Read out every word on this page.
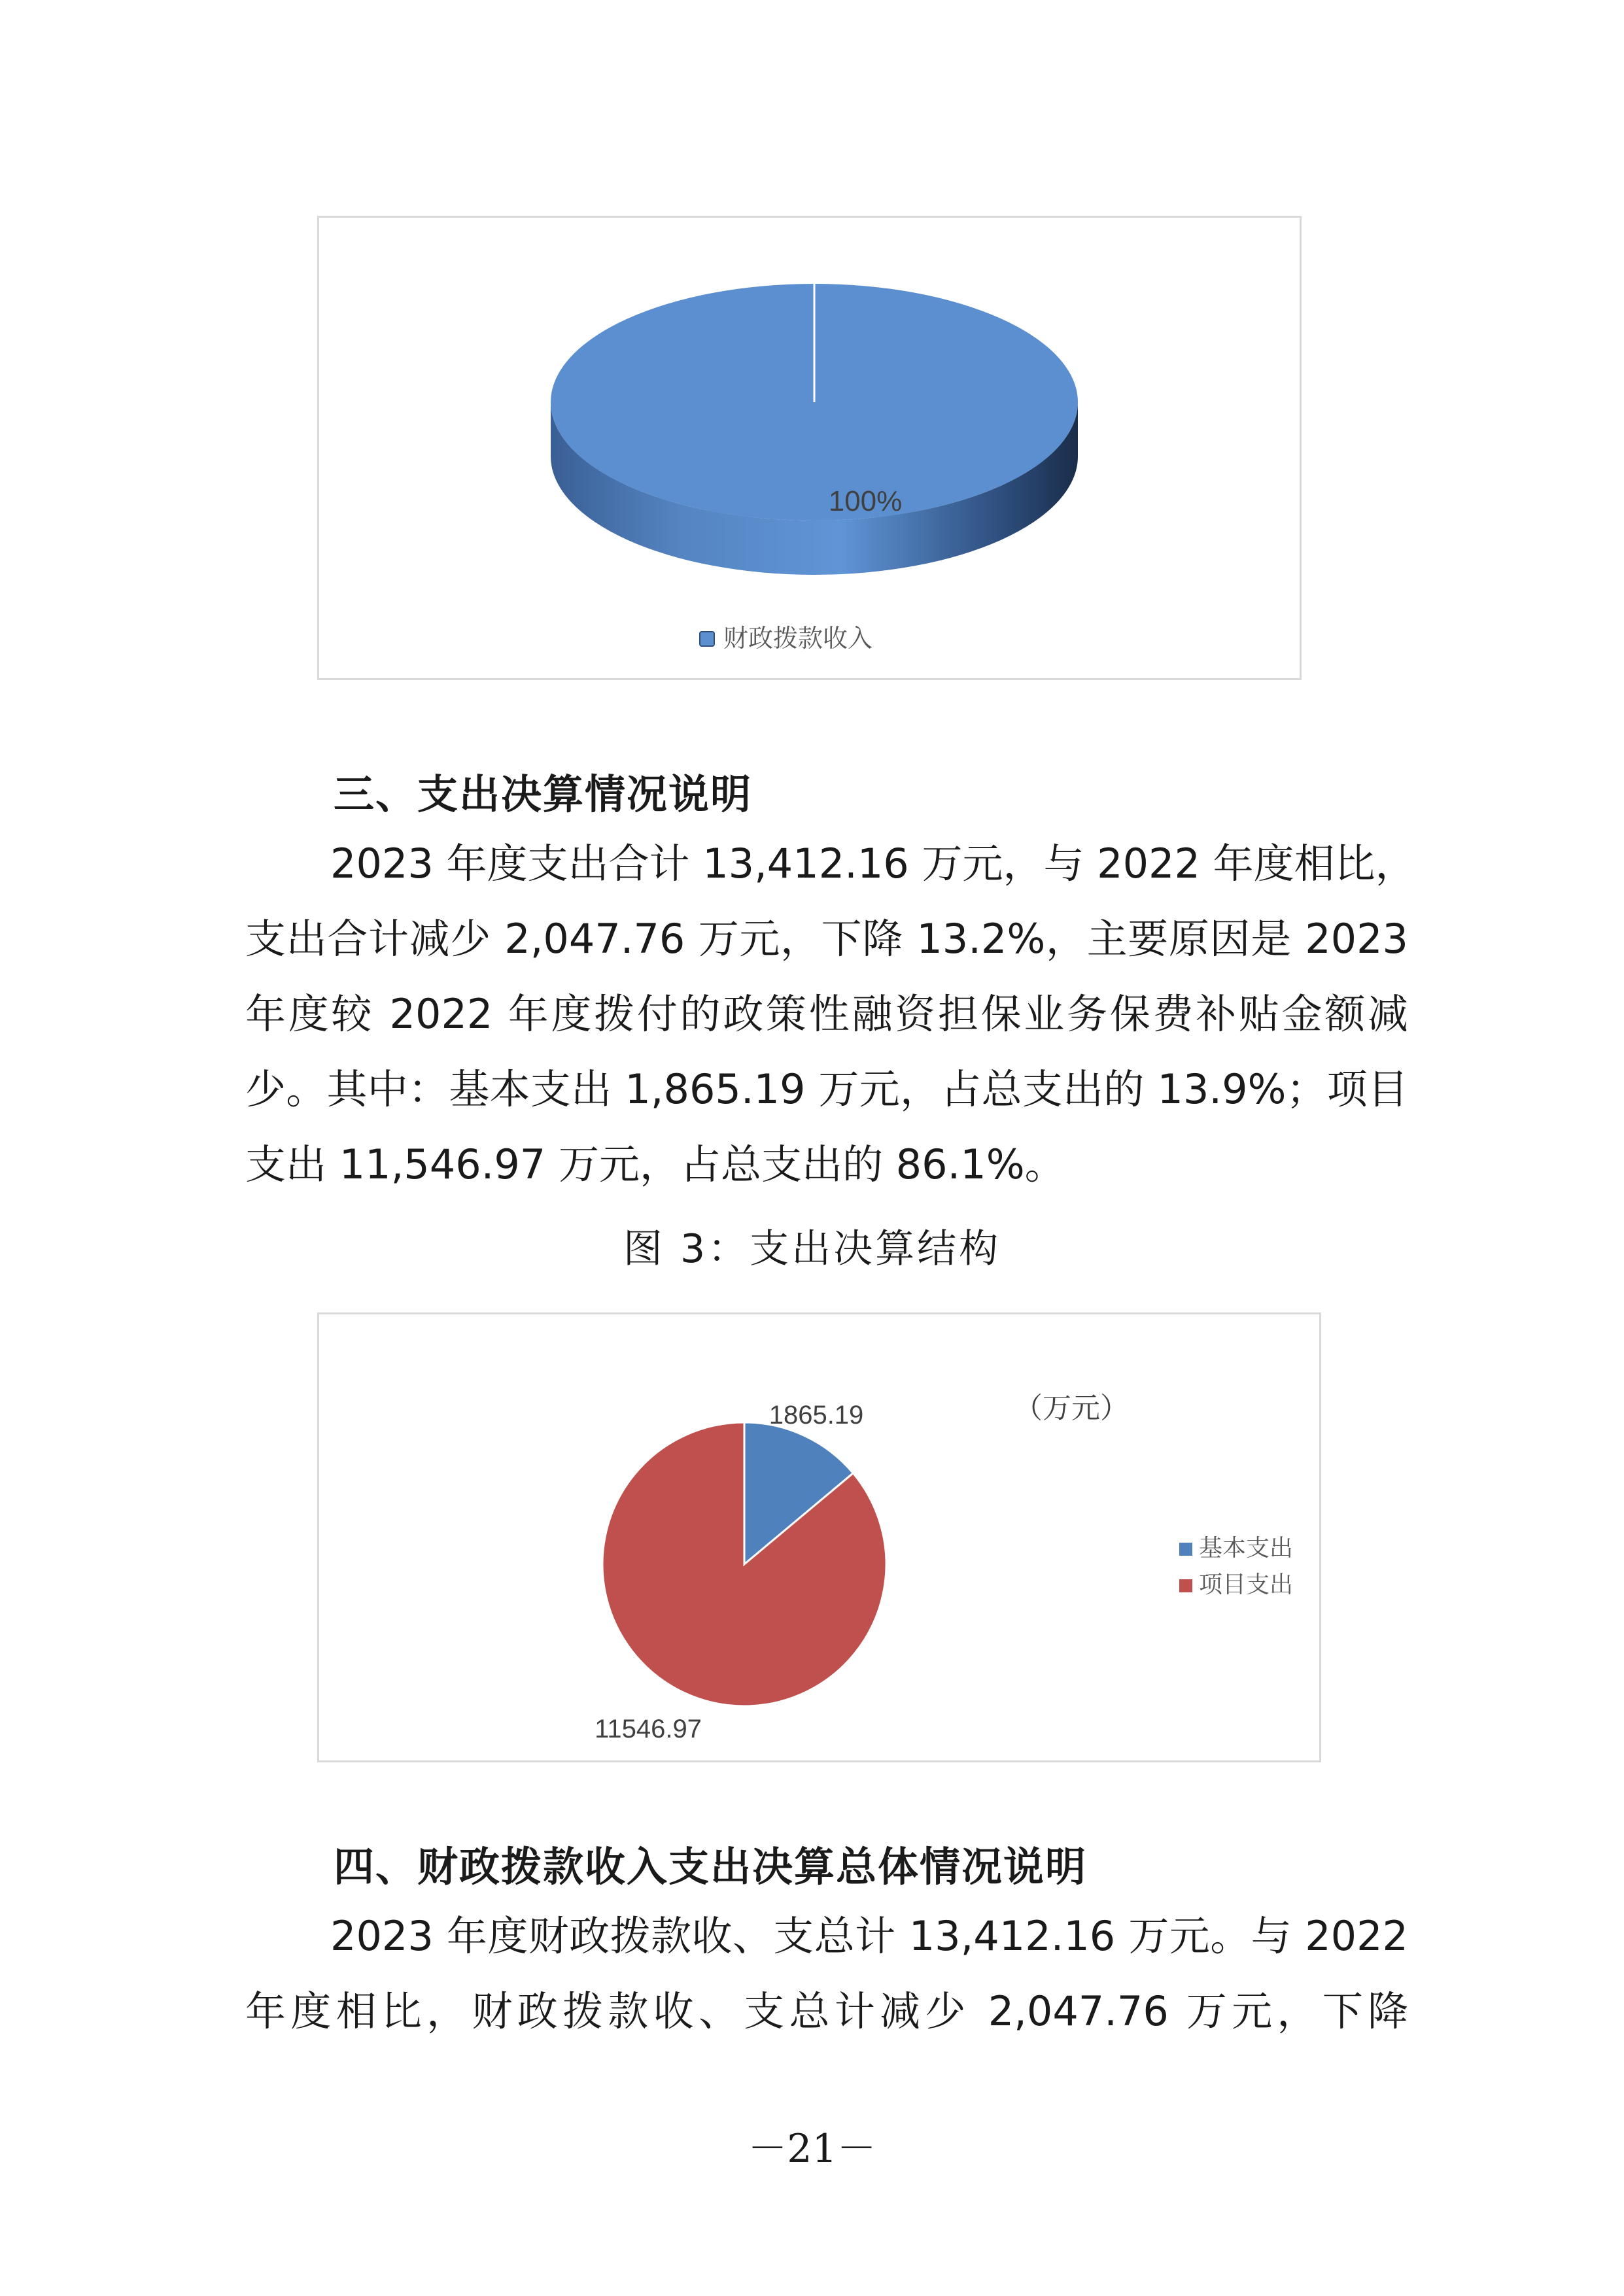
100%
财政拨款收入
三、支出决算情况说明
2023 年度支出合计 13,412.16 万元，与 2022 年度相比，
支出合计减少 2,047.76 万元，下降 13.2%，主要原因是 2023
年度较 2022 年度拨付的政策性融资担保业务保费补贴金额减
少。其中：基本支出 1,865.19 万元，占总支出的 13.9%；项目
支出 11,546.97 万元，占总支出的 86.1%。
图 3：支出决算结构
1865.19
11546.97
（万元）
基本支出
项目支出
四、财政拨款收入支出决算总体情况说明
2023 年度财政拨款收、支总计 13,412.16 万元。与 2022
年度相比，财政拨款收、支总计减少 2,047.76 万元，下降
－21－
